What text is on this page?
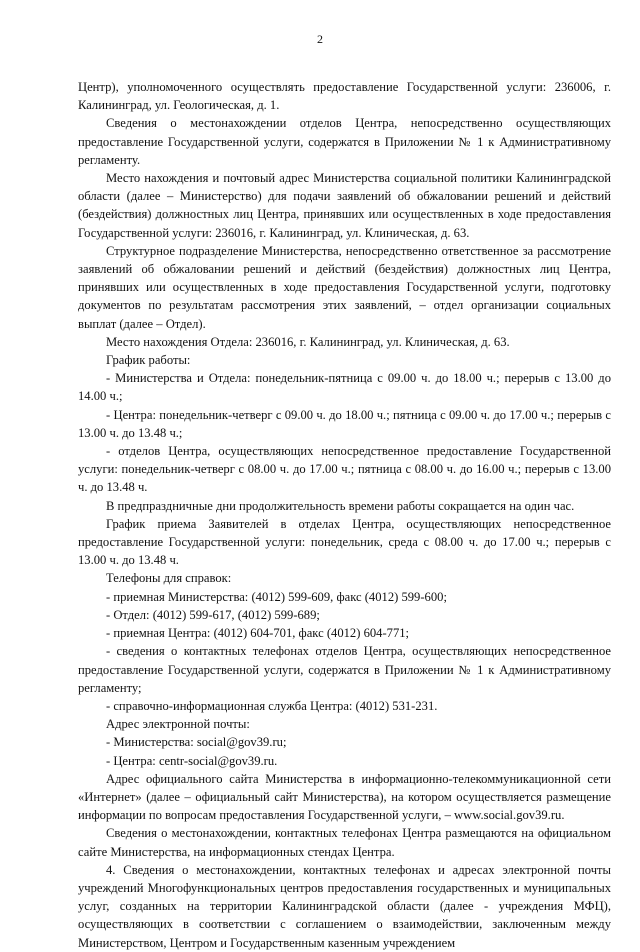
2

Центр), уполномоченного осуществлять предоставление Государственной услуги: 236006, г. Калининград, ул. Геологическая, д. 1.

Сведения о местонахождении отделов Центра, непосредственно осуществляющих предоставление Государственной услуги, содержатся в Приложении № 1 к Административному регламенту.

Место нахождения и почтовый адрес Министерства социальной политики Калининградской области (далее – Министерство) для подачи заявлений об обжаловании решений и действий (бездействия) должностных лиц Центра, принявших или осуществленных в ходе предоставления Государственной услуги: 236016, г. Калининград, ул. Клиническая, д. 63.

Структурное подразделение Министерства, непосредственно ответственное за рассмотрение заявлений об обжаловании решений и действий (бездействия) должностных лиц Центра, принявших или осуществленных в ходе предоставления Государственной услуги, подготовку документов по результатам рассмотрения этих заявлений, – отдел организации социальных выплат (далее – Отдел).

Место нахождения Отдела: 236016, г. Калининград, ул. Клиническая, д. 63.

График работы:

- Министерства и Отдела: понедельник-пятница с 09.00 ч. до 18.00 ч.; перерыв с 13.00 до 14.00 ч.;

- Центра: понедельник-четверг с 09.00 ч. до 18.00 ч.; пятница с 09.00 ч. до 17.00 ч.; перерыв с 13.00 ч. до 13.48 ч.;

- отделов Центра, осуществляющих непосредственное предоставление Государственной услуги: понедельник-четверг с 08.00 ч. до 17.00 ч.; пятница с 08.00 ч. до 16.00 ч.; перерыв с 13.00 ч. до 13.48 ч.

В предпраздничные дни продолжительность времени работы сокращается на один час.

График приема Заявителей в отделах Центра, осуществляющих непосредственное предоставление Государственной услуги: понедельник, среда с 08.00 ч. до 17.00 ч.; перерыв с 13.00 ч. до 13.48 ч.

Телефоны для справок:

- приемная Министерства: (4012) 599-609, факс (4012) 599-600;

- Отдел: (4012) 599-617, (4012) 599-689;

- приемная Центра: (4012) 604-701, факс (4012) 604-771;

- сведения о контактных телефонах отделов Центра, осуществляющих непосредственное предоставление Государственной услуги, содержатся в Приложении № 1 к Административному регламенту;

- справочно-информационная служба Центра: (4012) 531-231.

Адрес электронной почты:

- Министерства: social@gov39.ru;

- Центра: centr-social@gov39.ru.

Адрес официального сайта Министерства в информационно-телекоммуникационной сети «Интернет» (далее – официальный сайт Министерства), на котором осуществляется размещение информации по вопросам предоставления Государственной услуги, – www.social.gov39.ru.

Сведения о местонахождении, контактных телефонах Центра размещаются на официальном сайте Министерства, на информационных стендах Центра.

4. Сведения о местонахождении, контактных телефонах и адресах электронной почты учреждений Многофункциональных центров предоставления государственных и муниципальных услуг, созданных на территории Калининградской области (далее - учреждения МФЦ), осуществляющих в соответствии с соглашением о взаимодействии, заключенным между Министерством, Центром и Государственным казенным учреждением
